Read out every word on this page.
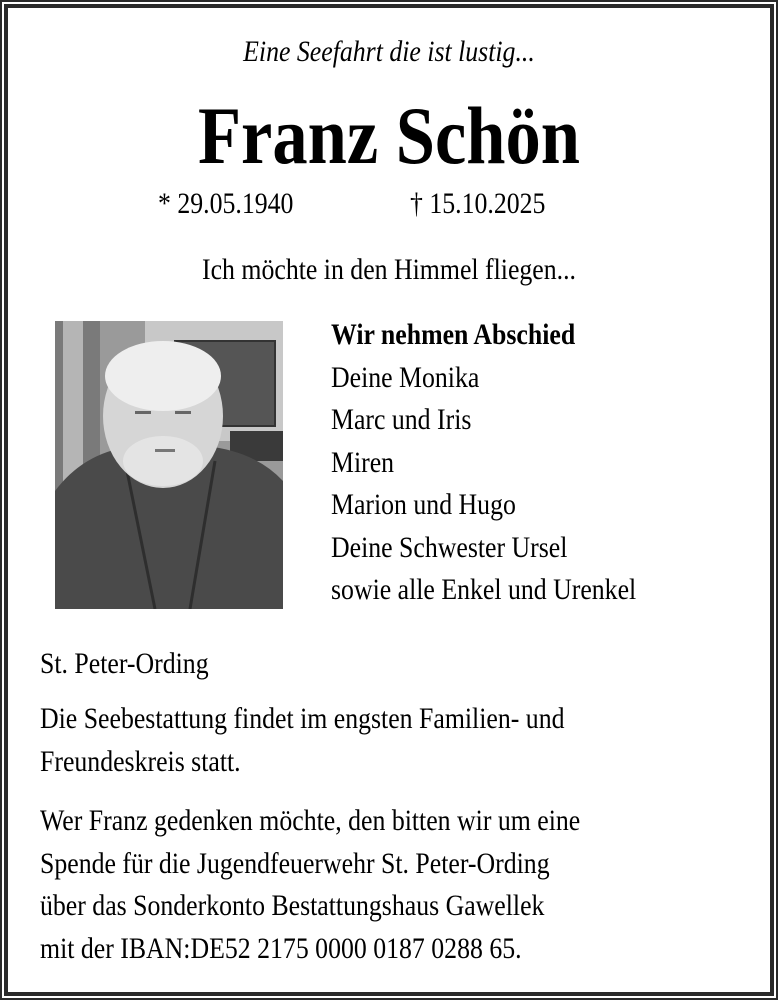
Eine Seefahrt die ist lustig...
Franz Schön
* 29.05.1940	† 15.10.2025
Ich möchte in den Himmel fliegen...
Wir nehmen Abschied
Deine Monika
Marc und Iris
Miren
Marion und Hugo
Deine Schwester Ursel
sowie alle Enkel und Urenkel
St. Peter-Ording
Die Seebestattung findet im engsten Familien- und
Freundeskreis statt.
Wer Franz gedenken möchte, den bitten wir um eine
Spende für die Jugendfeuerwehr St. Peter-Ording
über das Sonderkonto Bestattungshaus Gawellek
mit der IBAN:DE52 2175 0000 0187 0288 65.
